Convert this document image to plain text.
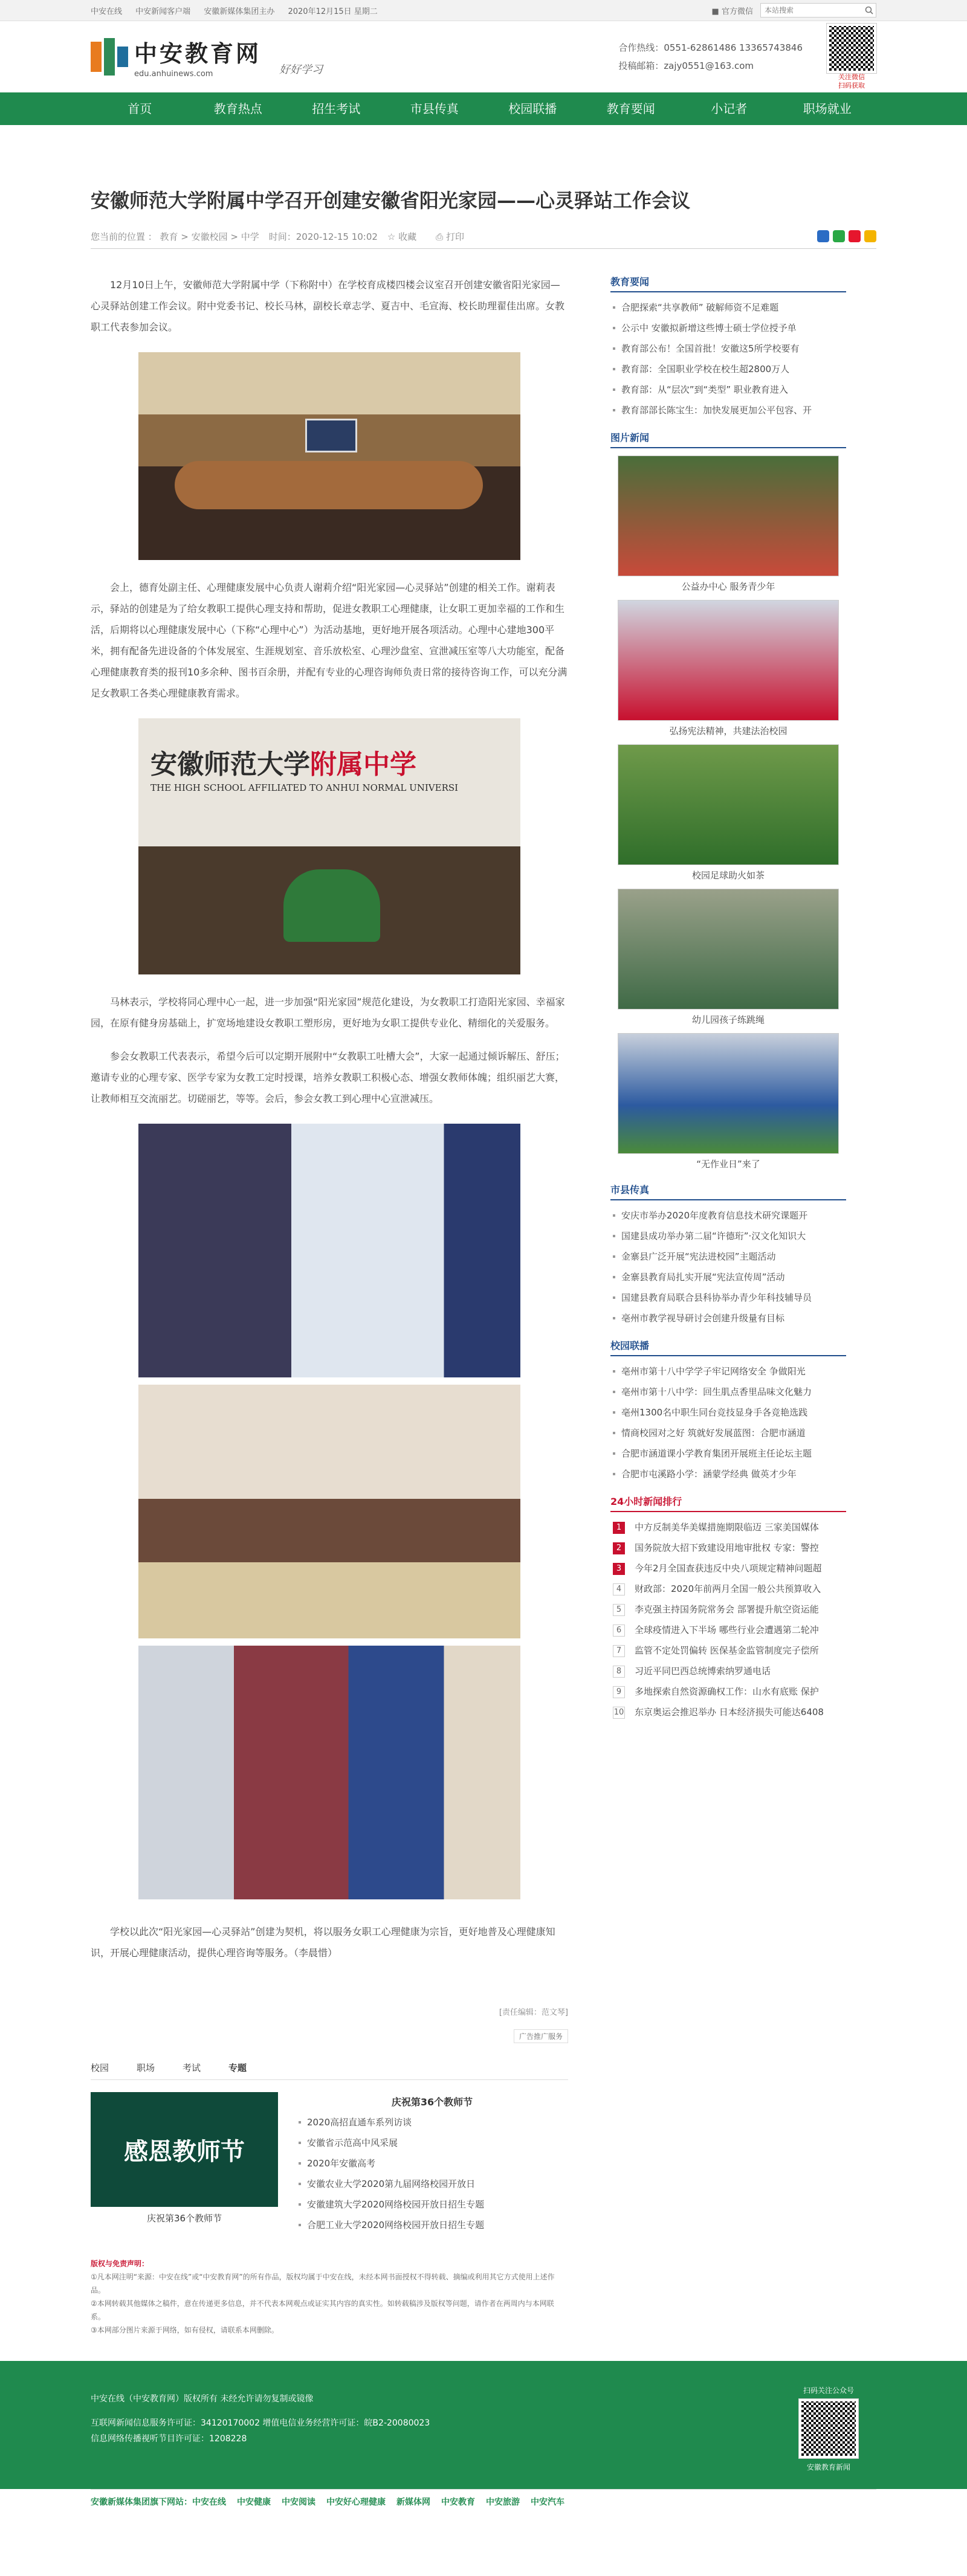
中安在线 中安新闻客户端 安徽新媒体集团主办 2020年12月15日 星期二	■ 官方微信
本站搜索
中安教育网
edu.anhuinews.com	好好学习
合作热线：0551-62861486 13365743846
投稿邮箱：zajy0551@163.com
关注微信
扫码获取
首页	教育热点	招生考试	市县传真	校园联播	教育要闻	小记者	职场就业
安徽师范大学附属中学召开创建安徽省阳光家园——心灵驿站工作会议
您当前的位置 ： 教育 > 安徽校园 > 中学 时间：2020-12-15 10:02 ☆ 收藏	⎙ 打印

12月10日上午，安徽师范大学附属中学（下称附中）在学校育成楼四楼会议室召开创建安徽省阳光家园—心灵驿站创建工作会议。附中党委书记、校长马林，副校长章志学、夏吉中、毛宣海、校长助理翟佳出席。女教职工代表参加会议。

会上，德育处副主任、心理健康发展中心负责人谢莉介绍“阳光家园—心灵驿站”创建的相关工作。谢莉表示，驿站的创建是为了给女教职工提供心理支持和帮助，促进女教职工心理健康，让女职工更加幸福的工作和生活，后期将以心理健康发展中心（下称“心理中心”）为活动基地，更好地开展各项活动。心理中心建地300平米，拥有配备先进设备的个体发展室、生涯规划室、音乐放松室、心理沙盘室、宣泄减压室等八大功能室，配备心理健康教育类的报刊10多余种、图书百余册，并配有专业的心理咨询师负责日常的接待咨询工作，可以充分满足女教职工各类心理健康教育需求。

安徽师范大学附属中学
THE HIGH SCHOOL AFFILIATED TO ANHUI NORMAL UNIVERSI

马林表示，学校将同心理中心一起，进一步加强“阳光家园”规范化建设，为女教职工打造阳光家园、幸福家园，在原有健身房基础上，扩宽场地建设女教职工塑形房，更好地为女职工提供专业化、精细化的关爱服务。

参会女教职工代表表示，希望今后可以定期开展附中“女教职工吐槽大会”，大家一起通过倾诉解压、舒压；邀请专业的心理专家、医学专家为女教工定时授课，培养女教职工积极心态、增强女教师体魄；组织丽艺大赛，让教师相互交流丽艺。切磋丽艺，等等。会后，参会女教工到心理中心宣泄减压。

学校以此次“阳光家园—心灵驿站”创建为契机，将以服务女职工心理健康为宗旨，更好地普及心理健康知识，开展心理健康活动，提供心理咨询等服务。（李晨惜）

[责任编辑：范文琴]
广告推广服务
校园	职场	考试	专题
感恩教师节
庆祝第36个教师节
庆祝第36个教师节
2020高招直通车系列访谈
安徽省示范高中风采展
2020年安徽高考
安徽农业大学2020第九届网络校园开放日
安徽建筑大学2020网络校园开放日招生专题
合肥工业大学2020网络校园开放日招生专题
版权与免责声明：
①凡本网注明“来源：中安在线”或“中安教育网”的所有作品，版权均属于中安在线，未经本网书面授权不得转载、摘编或利用其它方式使用上述作品。
②本网转载其他媒体之稿件，意在传递更多信息，并不代表本网观点或证实其内容的真实性。如转载稿涉及版权等问题，请作者在两周内与本网联系。
③本网部分图片来源于网络，如有侵权，请联系本网删除。
教育要闻
合肥探索“共享教师” 破解师资不足难题
公示中 安徽拟新增这些博士硕士学位授予单
教育部公布！全国首批！安徽这5所学校要有
教育部：全国职业学校在校生超2800万人
教育部：从“层次”到“类型” 职业教育进入
教育部部长陈宝生：加快发展更加公平包容、开
图片新闻
公益办中心 服务青少年
弘扬宪法精神，共建法治校园
校园足球助火如茶
幼儿园孩子练跳绳
“无作业日”来了
市县传真
安庆市举办2020年度教育信息技术研究课题开
国建县成功举办第二届“许德珩”·汉文化知识大
金寨县广泛开展“宪法进校园”主题活动
金寨县教育局扎实开展“宪法宣传周”活动
国建县教育局联合县科协举办青少年科技辅导员
亳州市教学视导研讨会创建升级量有目标
校园联播
亳州市第十八中学学子牢记网络安全 争做阳光
亳州市第十八中学：回生肌点香里品味文化魅力
亳州1300名中职生同台竞技显身手各竞艳选践
情商校园对之好 筑就好发展蓝图：合肥市涵道
合肥市涵道课小学教育集团开展班主任论坛主题
合肥市屯溪路小学：涵蒙学经典 做英才少年
24小时新闻排行
1	中方反制美华美媒措施期限临迈 三家美国媒体
2	国务院放大招下致建设用地审批权 专家：警控
3	今年2月全国查获违反中央八项规定精神问题超
4	财政部：2020年前两月全国一般公共预算收入
5	李克强主持国务院常务会 部署提升航空资运能
6	全球疫情进入下半场 哪些行业会遭遇第二轮冲
7	监管不定处罚偏转 医保基金监管制度完子偿所
8	习近平同巴西总统博索纳罗通电话
9	多地探索自然资源确权工作：山水有底账 保护
10 东京奥运会推迟举办 日本经济损失可能达6408
中安在线（中安教育网）版权所有 未经允许请勿复制或镜像
互联网新闻信息服务许可证：34120170002 增值电信业务经营许可证：皖B2-20080023
信息网络传播视听节目许可证：1208228
扫码关注公众号
安徽教育新闻
安徽新媒体集团旗下网站：中安在线 中安健康 中安阅读 中安好心理健康 新媒体网 中安教育 中安旅游 中安汽车
